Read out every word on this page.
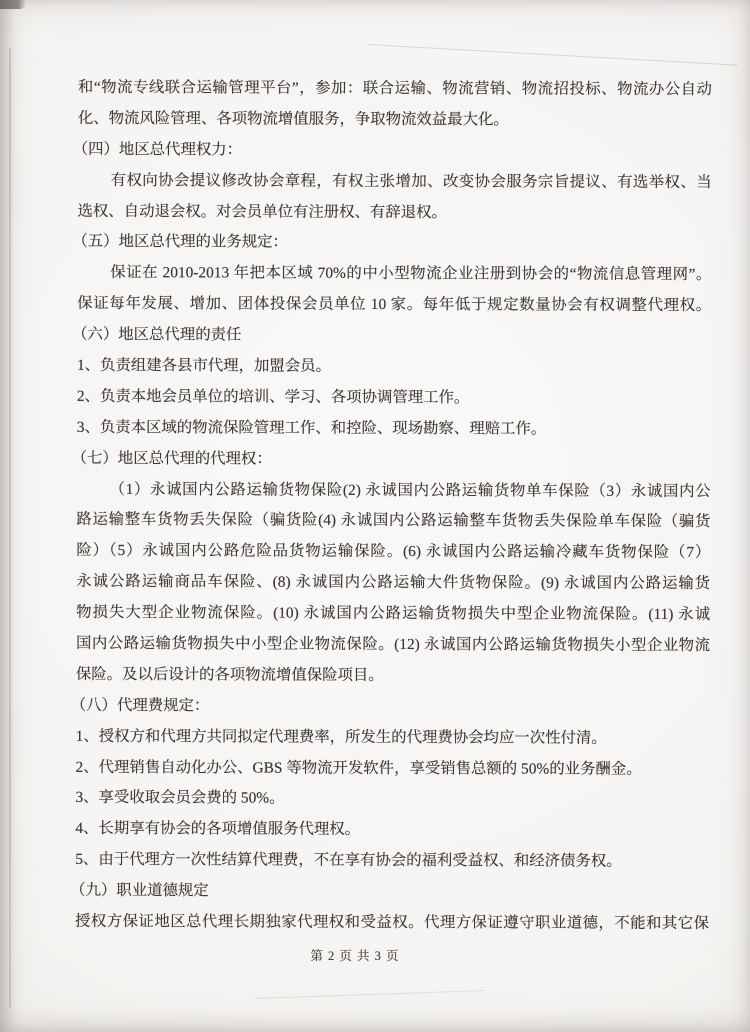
和“物流专线联合运输管理平台”，参加：联合运输、物流营销、物流招投标、物流办公自动
化、物流风险管理、各项物流增值服务，争取物流效益最大化。
（四）地区总代理权力：
有权向协会提议修改协会章程，有权主张增加、改变协会服务宗旨提议、有选举权、当
选权、自动退会权。对会员单位有注册权、有辞退权。
（五）地区总代理的业务规定：
保证在 2010-2013 年把本区域 70%的中小型物流企业注册到协会的“物流信息管理网”。
保证每年发展、增加、团体投保会员单位 10 家。每年低于规定数量协会有权调整代理权。
（六）地区总代理的责任
1、负责组建各县市代理，加盟会员。
2、负责本地会员单位的培训、学习、各项协调管理工作。
3、负责本区域的物流保险管理工作、和控险、现场勘察、理赔工作。
（七）地区总代理的代理权：
（1）永诚国内公路运输货物保险(2) 永诚国内公路运输货物单车保险（3）永诚国内公
路运输整车货物丢失保险（骗货险(4) 永诚国内公路运输整车货物丢失保险单车保险（骗货
险）（5）永诚国内公路危险品货物运输保险。(6) 永诚国内公路运输冷藏车货物保险（7）
永诚公路运输商品车保险、(8) 永诚国内公路运输大件货物保险。(9) 永诚国内公路运输货
物损失大型企业物流保险。(10) 永诚国内公路运输货物损失中型企业物流保险。(11) 永诚
国内公路运输货物损失中小型企业物流保险。(12) 永诚国内公路运输货物损失小型企业物流
保险。及以后设计的各项物流增值保险项目。
（八）代理费规定：
1、授权方和代理方共同拟定代理费率，所发生的代理费协会均应一次性付清。
2、代理销售自动化办公、GBS 等物流开发软件，享受销售总额的 50%的业务酬金。
3、享受收取会员会费的 50%。
4、长期享有协会的各项增值服务代理权。
5、由于代理方一次性结算代理费，不在享有协会的福利受益权、和经济债务权。
（九）职业道德规定
授权方保证地区总代理长期独家代理权和受益权。代理方保证遵守职业道德，不能和其它保
第 2 页 共 3 页
